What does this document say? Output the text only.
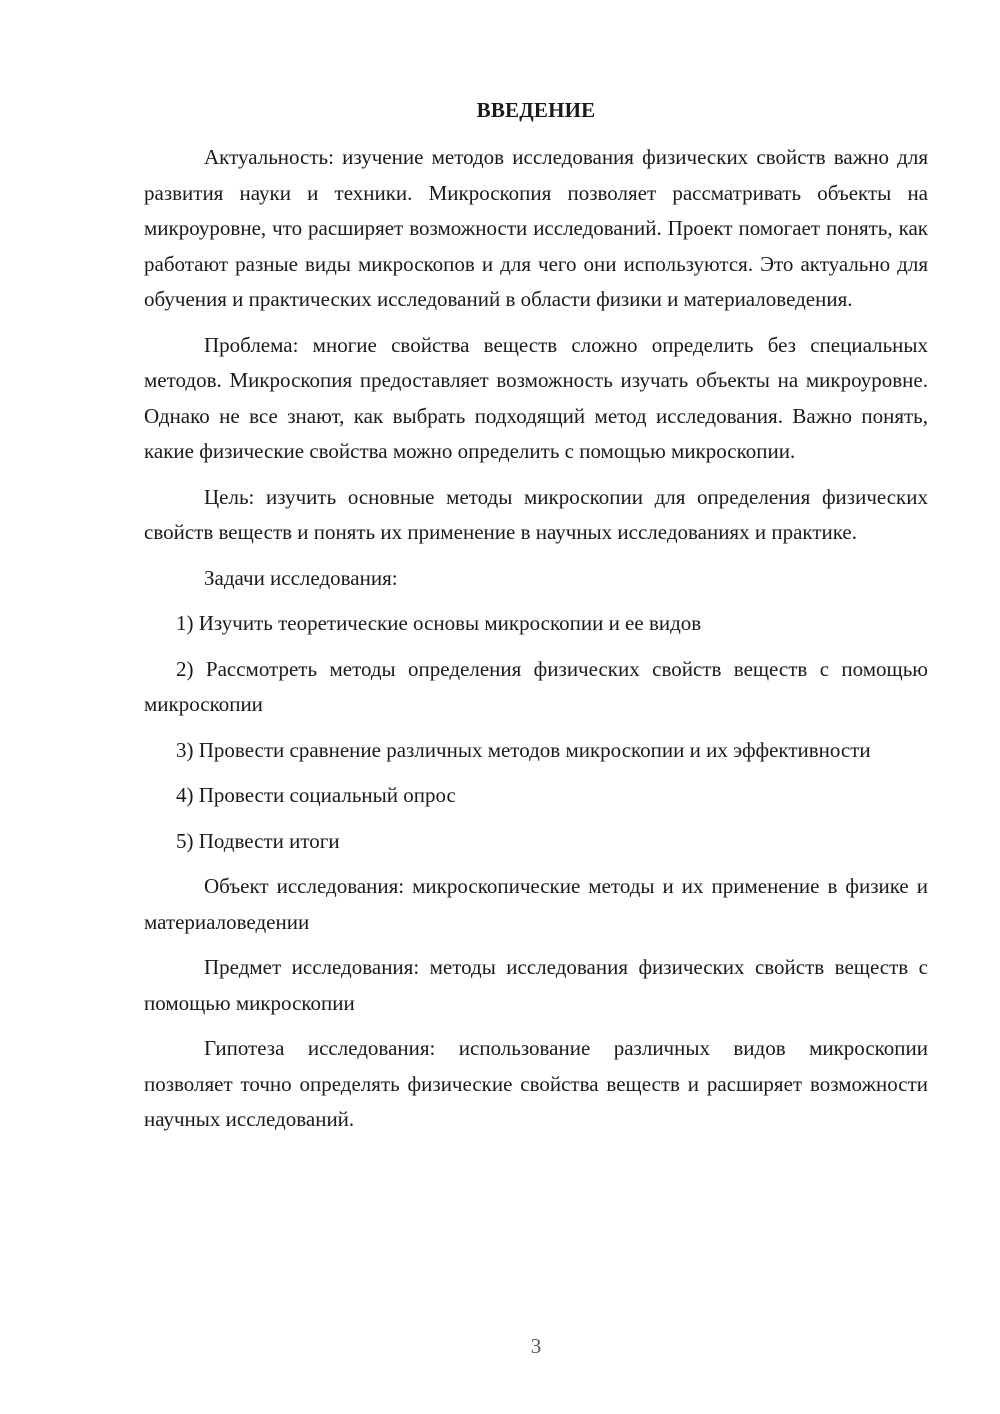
ВВЕДЕНИЕ

Актуальность: изучение методов исследования физических свойств важно для развития науки и техники. Микроскопия позволяет рассматривать объекты на микроуровне, что расширяет возможности исследований. Проект помогает понять, как работают разные виды микроскопов и для чего они используются. Это актуально для обучения и практических исследований в области физики и материаловедения.

Проблема: многие свойства веществ сложно определить без специальных методов. Микроскопия предоставляет возможность изучать объекты на микроуровне. Однако не все знают, как выбрать подходящий метод исследования. Важно понять, какие физические свойства можно определить с помощью микроскопии.

Цель: изучить основные методы микроскопии для определения физических свойств веществ и понять их применение в научных исследованиях и практике.

Задачи исследования:

1) Изучить теоретические основы микроскопии и ее видов

2) Рассмотреть методы определения физических свойств веществ с помощью микроскопии

3) Провести сравнение различных методов микроскопии и их эффективности

4) Провести социальный опрос

5) Подвести итоги

Объект исследования: микроскопические методы и их применение в физике и материаловедении

Предмет исследования: методы исследования физических свойств веществ с помощью микроскопии

Гипотеза исследования: использование различных видов микроскопии позволяет точно определять физические свойства веществ и расширяет возможности научных исследований.

3
